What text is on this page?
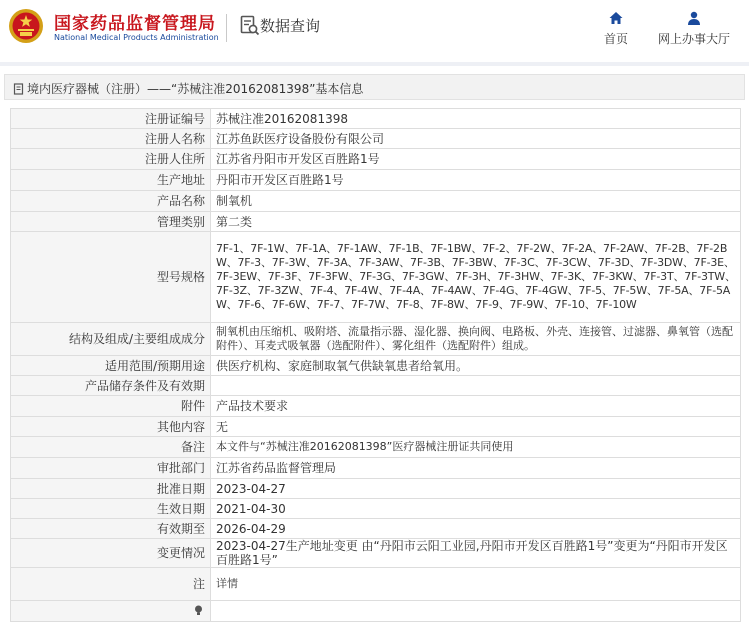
国家药品监督管理局
National Medical Products Administration
数据查询
首页	网上办事大厅
境内医疗器械（注册）——“苏械注准20162081398”基本信息
注册证编号	苏械注准20162081398
注册人名称	江苏鱼跃医疗设备股份有限公司
注册人住所	江苏省丹阳市开发区百胜路1号
生产地址	丹阳市开发区百胜路1号
产品名称	制氧机
管理类别	第二类
型号规格	7F-1、7F-1W、7F-1A、7F-1AW、7F-1B、7F-1BW、7F-2、7F-2W、7F-2A、7F-2AW、7F-2B、7F-2BW、7F-3、7F-3W、7F-3A、7F-3AW、7F-3B、7F-3BW、7F-3C、7F-3CW、7F-3D、7F-3DW、7F-3E、7F-3EW、7F-3F、7F-3FW、7F-3G、7F-3GW、7F-3H、7F-3HW、7F-3K、7F-3KW、7F-3T、7F-3TW、7F-3Z、7F-3ZW、7F-4、7F-4W、7F-4A、7F-4AW、7F-4G、7F-4GW、7F-5、7F-5W、7F-5A、7F-5AW、7F-6、7F-6W、7F-7、7F-7W、7F-8、7F-8W、7F-9、7F-9W、7F-10、7F-10W
结构及组成/主要组成成分	制氧机由压缩机、吸附塔、流量指示器、湿化器、换向阀、电路板、外壳、连接管、过滤器、鼻氧管（选配附件）、耳麦式吸氧器（选配附件）、雾化组件（选配附件）组成。
适用范围/预期用途	供医疗机构、家庭制取氧气供缺氧患者给氧用。
产品储存条件及有效期	
附件	产品技术要求
其他内容	无
备注	本文件与“苏械注准20162081398”医疗器械注册证共同使用
审批部门	江苏省药品监督管理局
批准日期	2023-04-27
生效日期	2021-04-30
有效期至	2026-04-29
变更情况	2023-04-27生产地址变更 由“丹阳市云阳工业园,丹阳市开发区百胜路1号”变更为“丹阳市开发区百胜路1号”
注	详情
